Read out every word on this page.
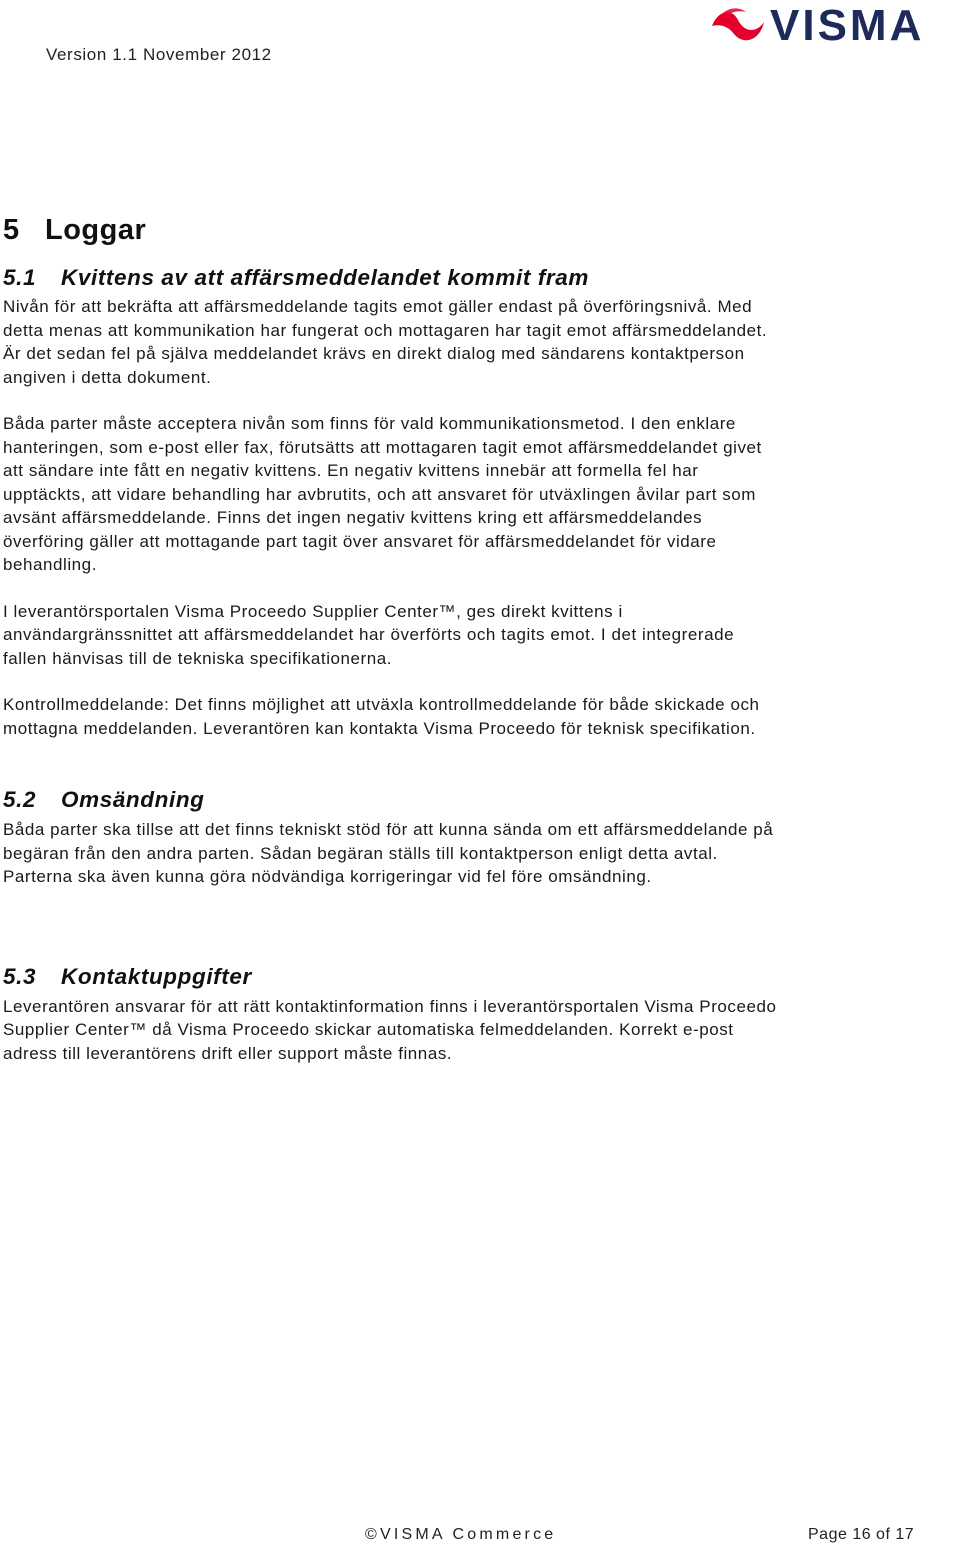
Version 1.1 November 2012
VISMA
5 Loggar
5.1 Kvittens av att affärsmeddelandet kommit fram

Nivån för att bekräfta att affärsmeddelande tagits emot gäller endast på överföringsnivå. Med

detta menas att kommunikation har fungerat och mottagaren har tagit emot affärsmeddelandet.

Är det sedan fel på själva meddelandet krävs en direkt dialog med sändarens kontaktperson

angiven i detta dokument.

Båda parter måste acceptera nivån som finns för vald kommunikationsmetod. I den enklare

hanteringen, som e-post eller fax, förutsätts att mottagaren tagit emot affärsmeddelandet givet

att sändare inte fått en negativ kvittens. En negativ kvittens innebär att formella fel har

upptäckts, att vidare behandling har avbrutits, och att ansvaret för utväxlingen åvilar part som

avsänt affärsmeddelande. Finns det ingen negativ kvittens kring ett affärsmeddelandes

överföring gäller att mottagande part tagit över ansvaret för affärsmeddelandet för vidare

behandling.

I leverantörsportalen Visma Proceedo Supplier Center™, ges direkt kvittens i

användargränssnittet att affärsmeddelandet har överförts och tagits emot. I det integrerade

fallen hänvisas till de tekniska specifikationerna.

Kontrollmeddelande: Det finns möjlighet att utväxla kontrollmeddelande för både skickade och

mottagna meddelanden. Leverantören kan kontakta Visma Proceedo för teknisk specifikation.

5.2 Omsändning

Båda parter ska tillse att det finns tekniskt stöd för att kunna sända om ett affärsmeddelande på

begäran från den andra parten. Sådan begäran ställs till kontaktperson enligt detta avtal.

Parterna ska även kunna göra nödvändiga korrigeringar vid fel före omsändning.

5.3 Kontaktuppgifter

Leverantören ansvarar för att rätt kontaktinformation finns i leverantörsportalen Visma Proceedo

Supplier Center™ då Visma Proceedo skickar automatiska felmeddelanden. Korrekt e-post

adress till leverantörens drift eller support måste finnas.

©VISMA Commerce	Page 16 of 17
